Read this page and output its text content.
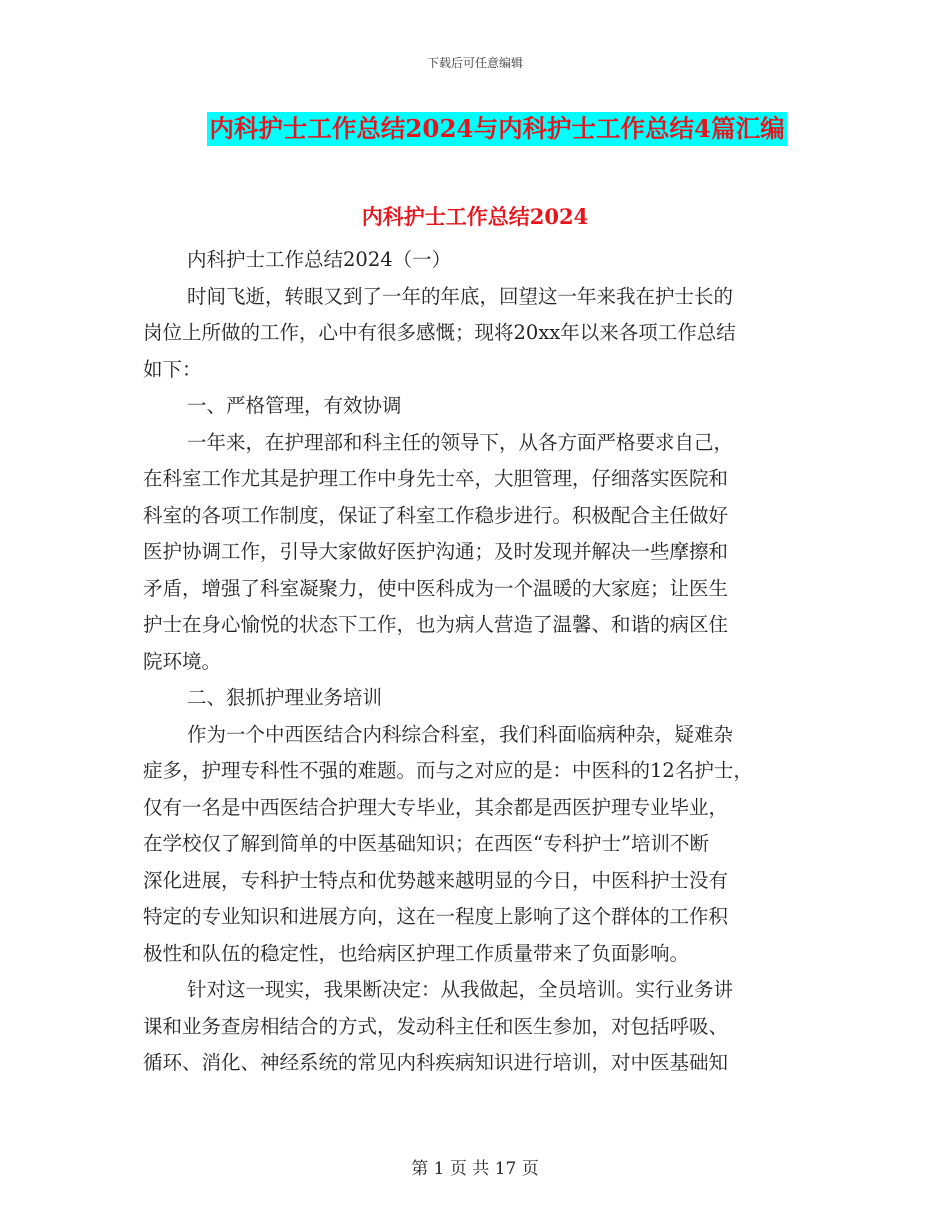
下载后可任意编辑
内科护士工作总结2024与内科护士工作总结4篇汇编
内科护士工作总结2024
内科护士工作总结2024（一）
时间飞逝，转眼又到了一年的年底，回望这一年来我在护士长的
岗位上所做的工作，心中有很多感慨；现将20xx年以来各项工作总结
如下：
一、严格管理，有效协调
一年来，在护理部和科主任的领导下，从各方面严格要求自己，
在科室工作尤其是护理工作中身先士卒，大胆管理，仔细落实医院和
科室的各项工作制度，保证了科室工作稳步进行。积极配合主任做好
医护协调工作，引导大家做好医护沟通；及时发现并解决一些摩擦和
矛盾，增强了科室凝聚力，使中医科成为一个温暖的大家庭；让医生
护士在身心愉悦的状态下工作，也为病人营造了温馨、和谐的病区住
院环境。
二、狠抓护理业务培训
作为一个中西医结合内科综合科室，我们科面临病种杂，疑难杂
症多，护理专科性不强的难题。而与之对应的是：中医科的12名护士，
仅有一名是中西医结合护理大专毕业，其余都是西医护理专业毕业，
在学校仅了解到简单的中医基础知识；在西医“专科护士”培训不断
深化进展，专科护士特点和优势越来越明显的今日，中医科护士没有
特定的专业知识和进展方向，这在一程度上影响了这个群体的工作积
极性和队伍的稳定性，也给病区护理工作质量带来了负面影响。
针对这一现实，我果断决定：从我做起，全员培训。实行业务讲
课和业务查房相结合的方式，发动科主任和医生参加，对包括呼吸、
循环、消化、神经系统的常见内科疾病知识进行培训，对中医基础知
第 1 页 共 17 页
